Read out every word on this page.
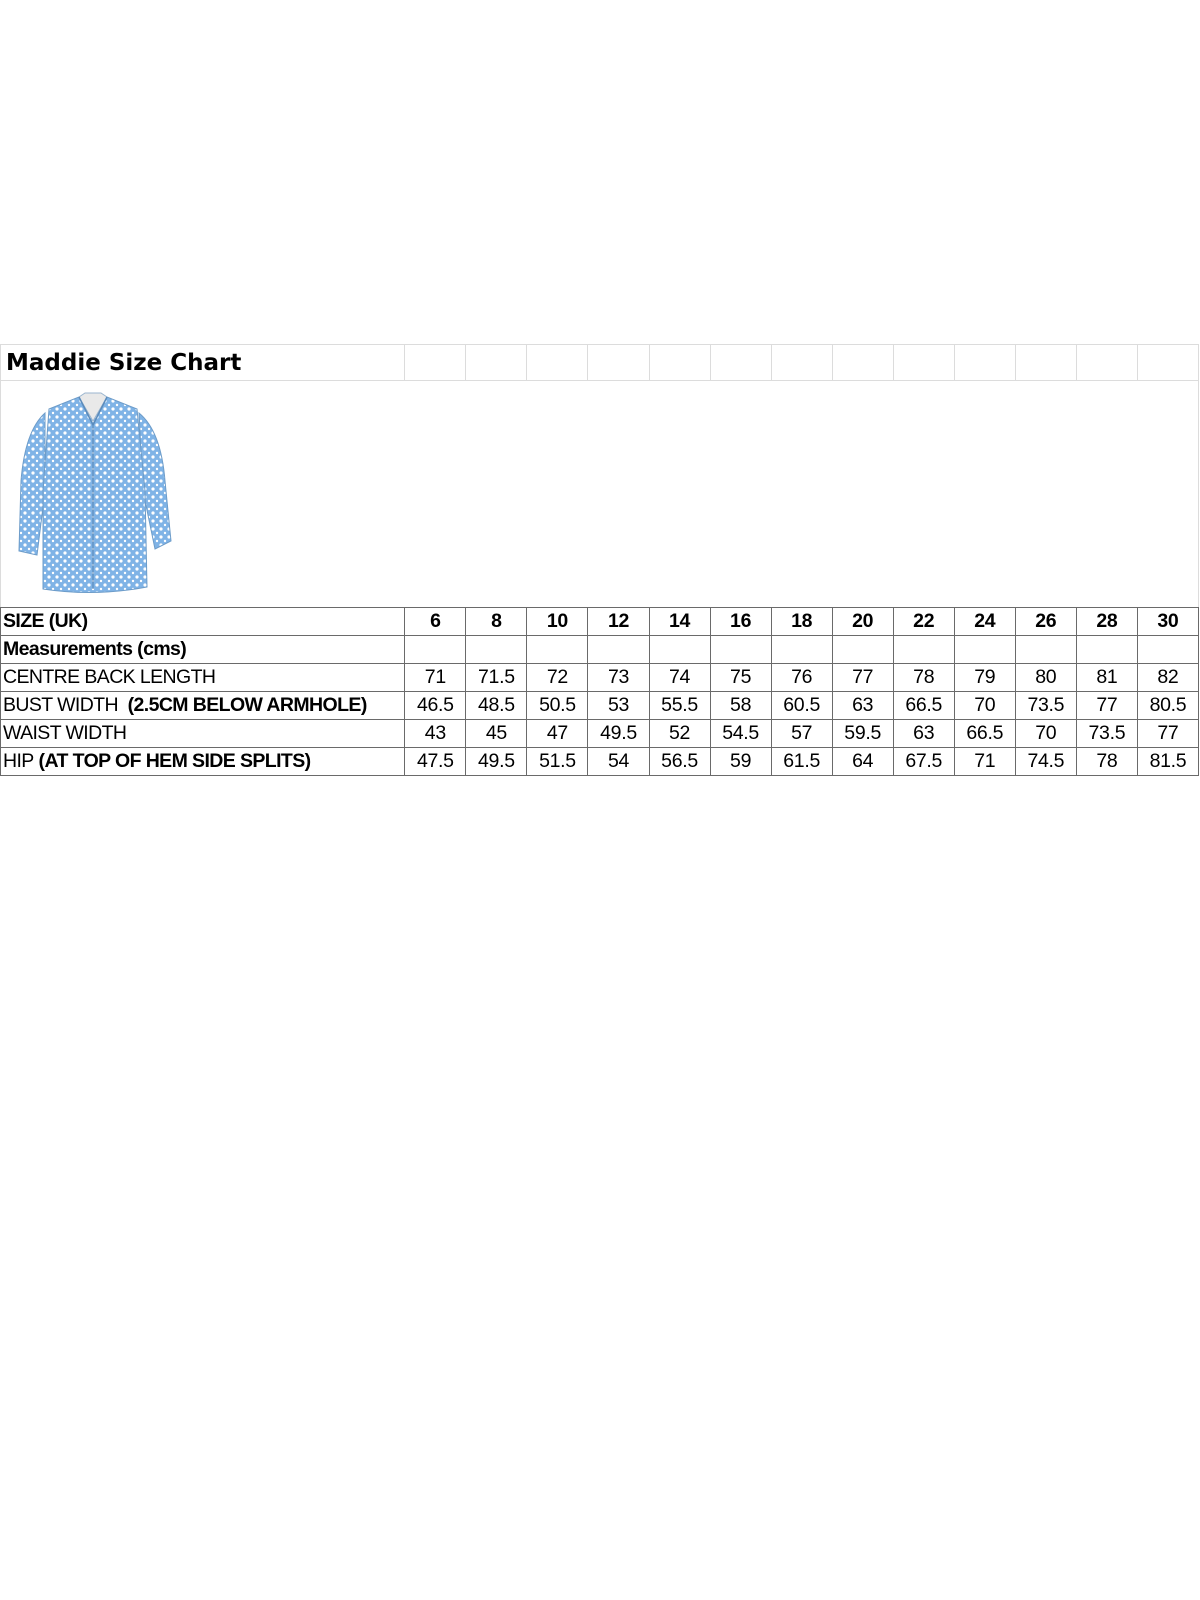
Maddie Size Chart													

SIZE (UK)	6	8	10	12	14	16	18	20	22	24	26	28	30
Measurements (cms)													
CENTRE BACK LENGTH	71	71.5	72	73	74	75	76	77	78	79	80	81	82
BUST WIDTH (2.5CM BELOW ARMHOLE)	46.5	48.5	50.5	53	55.5	58	60.5	63	66.5	70	73.5	77	80.5
WAIST WIDTH	43	45	47	49.5	52	54.5	57	59.5	63	66.5	70	73.5	77
HIP (AT TOP OF HEM SIDE SPLITS)	47.5	49.5	51.5	54	56.5	59	61.5	64	67.5	71	74.5	78	81.5
